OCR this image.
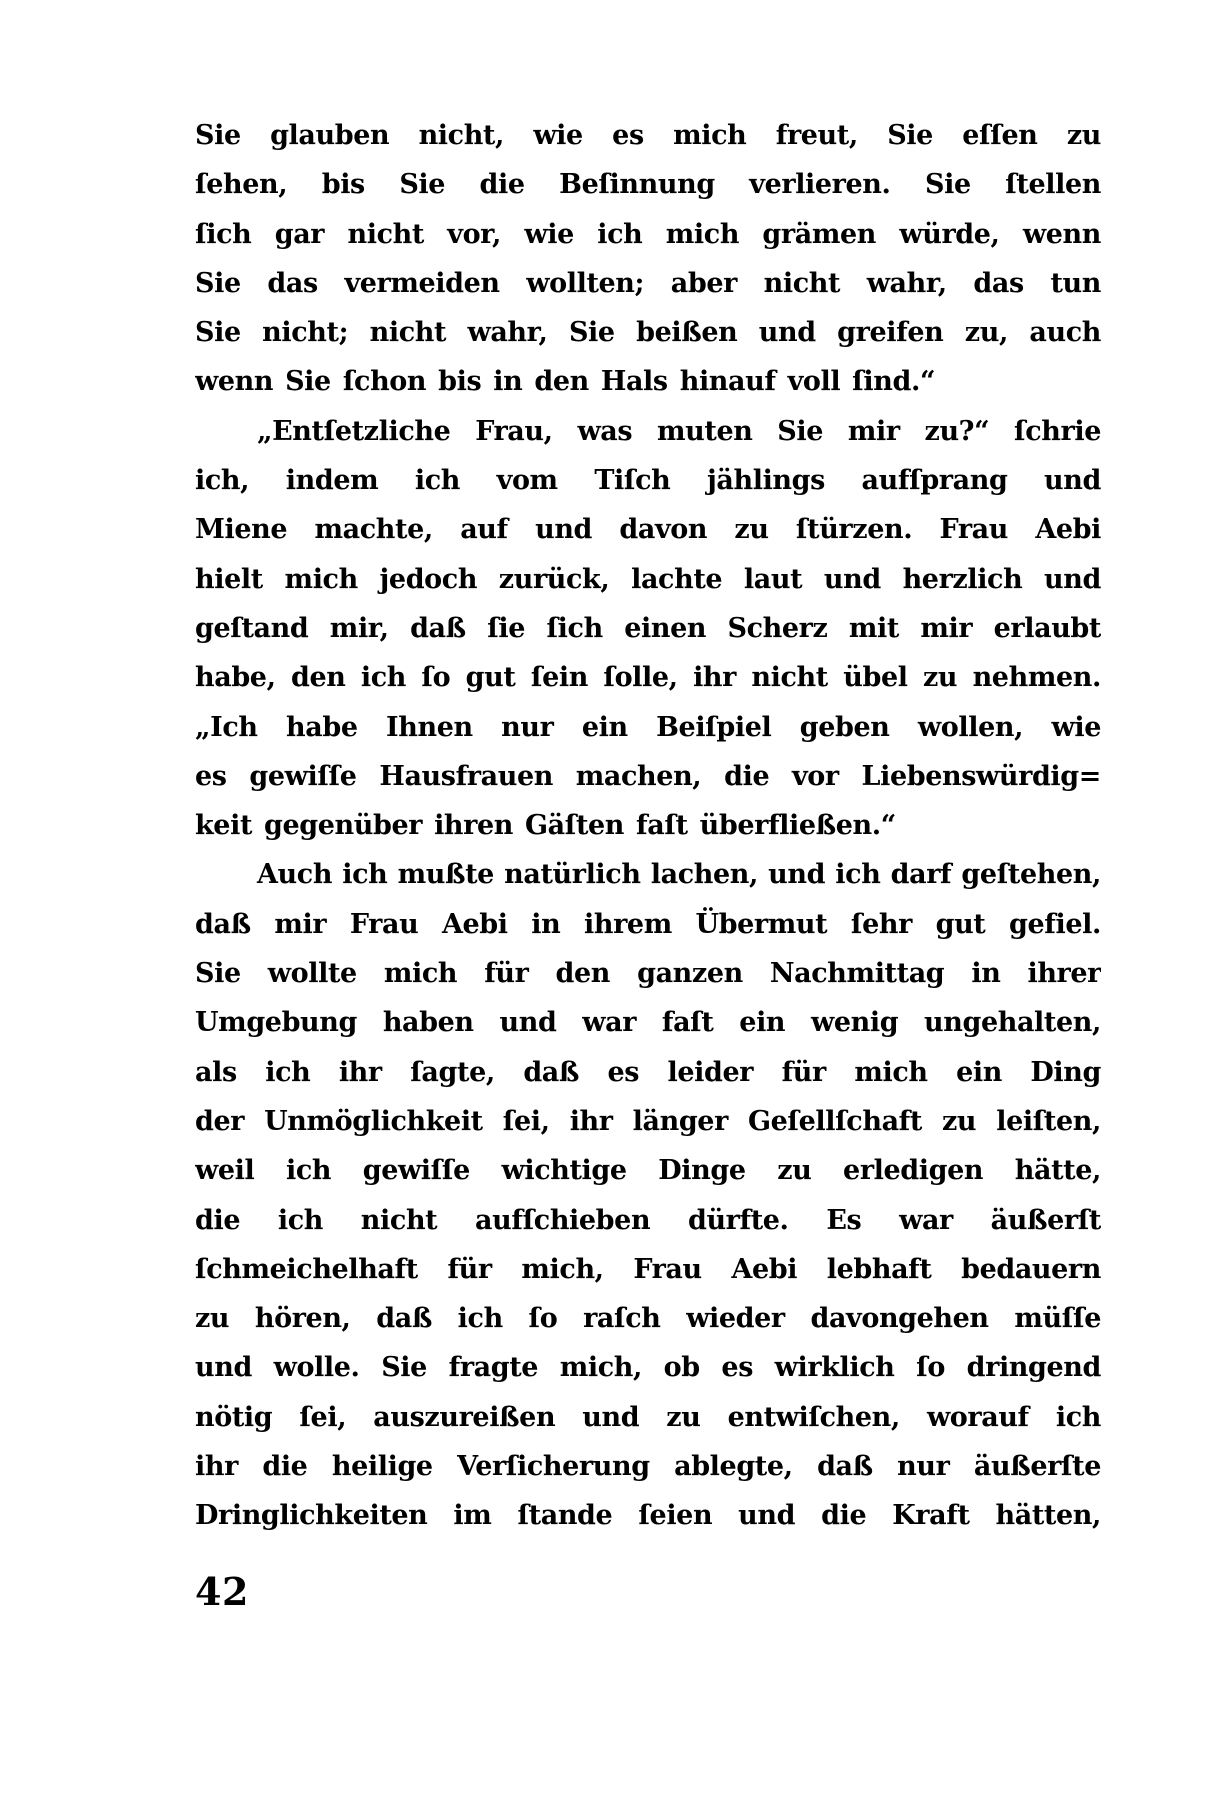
Sie glauben nicht, wie es mich freut, Sie eſſen zu
ſehen, bis Sie die Beſinnung verlieren. Sie ſtellen
ſich gar nicht vor, wie ich mich grämen würde, wenn
Sie das vermeiden wollten; aber nicht wahr, das tun
Sie nicht; nicht wahr, Sie beißen und greifen zu, auch
wenn Sie ſchon bis in den Hals hinauf voll ſind.“
„Entſetzliche Frau, was muten Sie mir zu?“ ſchrie
ich, indem ich vom Tiſch jählings aufſprang und
Miene machte, auf und davon zu ſtürzen. Frau Aebi
hielt mich jedoch zurück, lachte laut und herzlich und
geſtand mir, daß ſie ſich einen Scherz mit mir erlaubt
habe, den ich ſo gut ſein ſolle, ihr nicht übel zu nehmen.
„Ich habe Ihnen nur ein Beiſpiel geben wollen, wie
es gewiſſe Hausfrauen machen, die vor Liebenswürdig=
keit gegenüber ihren Gäſten faſt überfließen.“
Auch ich mußte natürlich lachen, und ich darf geſtehen,
daß mir Frau Aebi in ihrem Übermut ſehr gut gefiel.
Sie wollte mich für den ganzen Nachmittag in ihrer
Umgebung haben und war faſt ein wenig ungehalten,
als ich ihr ſagte, daß es leider für mich ein Ding
der Unmöglichkeit ſei, ihr länger Geſellſchaft zu leiſten,
weil ich gewiſſe wichtige Dinge zu erledigen hätte,
die ich nicht aufſchieben dürfte. Es war äußerſt
ſchmeichelhaft für mich, Frau Aebi lebhaft bedauern
zu hören, daß ich ſo raſch wieder davongehen müſſe
und wolle. Sie fragte mich, ob es wirklich ſo dringend
nötig ſei, auszureißen und zu entwiſchen, worauf ich
ihr die heilige Verſicherung ablegte, daß nur äußerſte
Dringlichkeiten im ſtande ſeien und die Kraft hätten,
42
